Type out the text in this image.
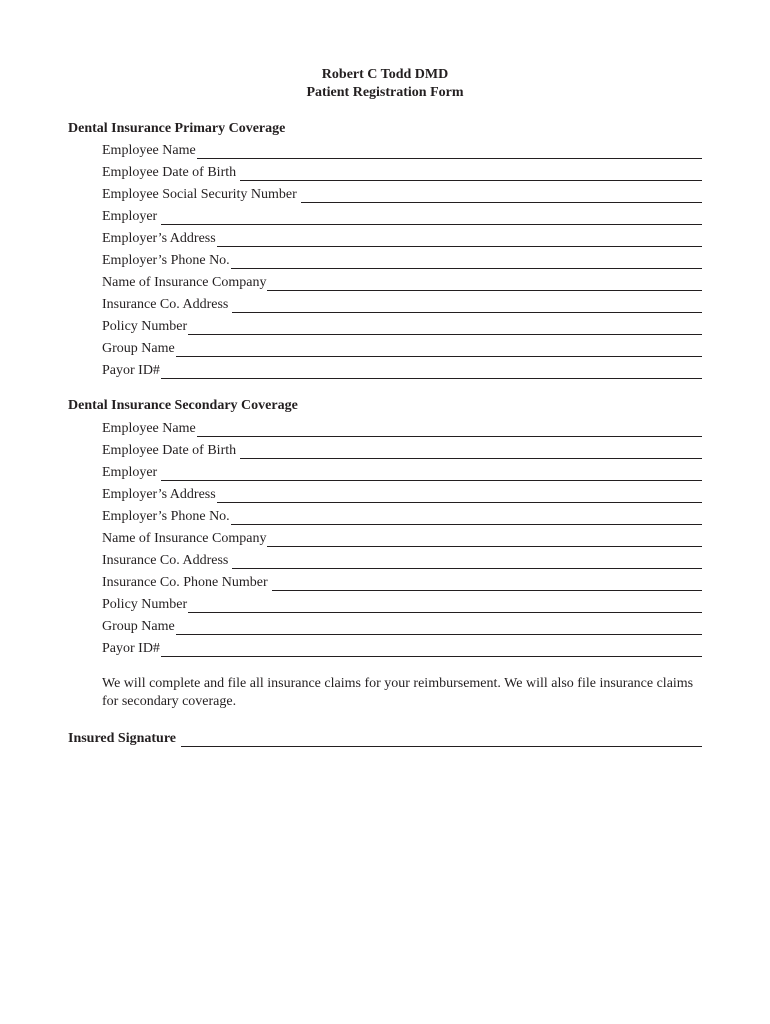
Robert C Todd DMD
Patient Registration Form
Dental Insurance Primary Coverage
Employee Name
Employee Date of Birth
Employee Social Security Number
Employer
Employer’s Address
Employer’s Phone No.
Name of Insurance Company
Insurance Co. Address
Policy Number
Group Name
Payor ID#
Dental Insurance Secondary Coverage
Employee Name
Employee Date of Birth
Employer
Employer’s Address
Employer’s Phone No.
Name of Insurance Company
Insurance Co. Address
Insurance Co. Phone Number
Policy Number
Group Name
Payor ID#
We will complete and file all insurance claims for your reimbursement. We will also file insurance claims for secondary coverage.
Insured Signature
